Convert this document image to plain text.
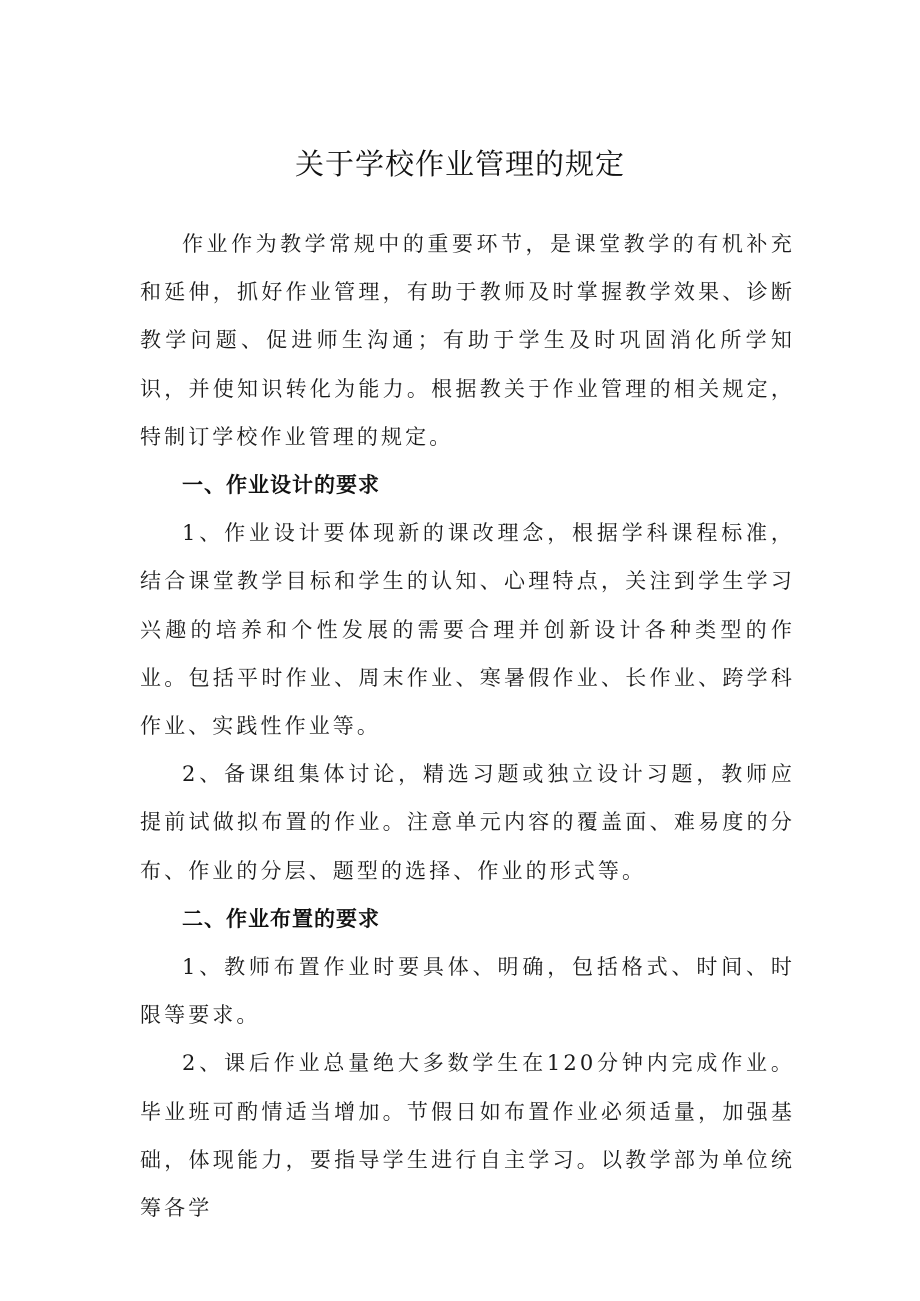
关于学校作业管理的规定

作业作为教学常规中的重要环节，是课堂教学的有机补充和延伸，抓好作业管理，有助于教师及时掌握教学效果、诊断教学问题、促进师生沟通；有助于学生及时巩固消化所学知识，并使知识转化为能力。根据教关于作业管理的相关规定，特制订学校作业管理的规定。

一、作业设计的要求

1、作业设计要体现新的课改理念，根据学科课程标准，结合课堂教学目标和学生的认知、心理特点，关注到学生学习兴趣的培养和个性发展的需要合理并创新设计各种类型的作业。包括平时作业、周末作业、寒暑假作业、长作业、跨学科作业、实践性作业等。

2、备课组集体讨论，精选习题或独立设计习题，教师应提前试做拟布置的作业。注意单元内容的覆盖面、难易度的分布、作业的分层、题型的选择、作业的形式等。

二、作业布置的要求

1、教师布置作业时要具体、明确，包括格式、时间、时限等要求。

2、课后作业总量绝大多数学生在120分钟内完成作业。毕业班可酌情适当增加。节假日如布置作业必须适量，加强基础，体现能力，要指导学生进行自主学习。以教学部为单位统筹各学
